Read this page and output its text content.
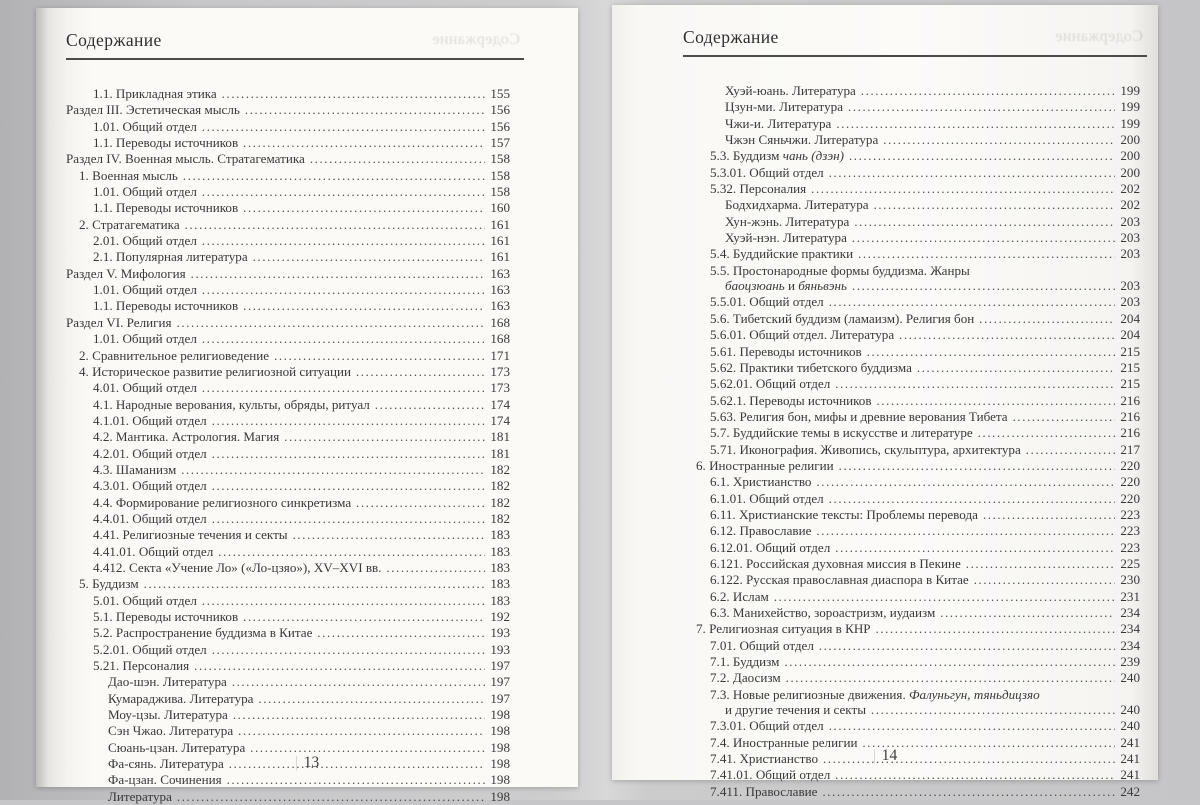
Содержание	Содержание
1.1. Прикладная этика .....	155
Раздел III. Эстетическая мысль .....	156
1.01. Общий отдел .....	156
1.1. Переводы источников .....	157
Раздел IV. Военная мысль. Стратагематика .....	158
1. Военная мысль .....	158
1.01. Общий отдел .....	158
1.1. Переводы источников .....	160
2. Стратагематика .....	161
2.01. Общий отдел .....	161
2.1. Популярная литература .....	161
Раздел V. Мифология .....	163
1.01. Общий отдел .....	163
1.1. Переводы источников .....	163
Раздел VI. Религия .....	168
1.01. Общий отдел .....	168
2. Сравнительное религиоведение .....	171
4. Историческое развитие религиозной ситуации .....	173
4.01. Общий отдел .....	173
4.1. Народные верования, культы, обряды, ритуал .....	174
4.1.01. Общий отдел .....	174
4.2. Мантика. Астрология. Магия .....	181
4.2.01. Общий отдел .....	181
4.3. Шаманизм .....	182
4.3.01. Общий отдел .....	182
4.4. Формирование религиозного синкретизма .....	182
4.4.01. Общий отдел .....	182
4.41. Религиозные течения и секты .....	183
4.41.01. Общий отдел .....	183
4.412. Секта «Учение Ло» («Ло-цзяо»), XV–XVI вв. .....	183
5. Буддизм .....	183
5.01. Общий отдел .....	183
5.1. Переводы источников .....	192
5.2. Распространение буддизма в Китае .....	193
5.2.01. Общий отдел .....	193
5.21. Персоналия .....	197
Дао-шэн. Литература .....	197
Кумараджива. Литература .....	197
Моу-цзы. Литература .....	198
Сэн Чжао. Литература .....	198
Сюань-цзан. Литература .....	198
Фа-сянь. Литература .....	198
Фа-цзан. Сочинения .....	198
Литература .....	198
| 13
Содержание	Содержание
Хуэй-юань. Литература .....	199
Цзун-ми. Литература .....	199
Чжи-и. Литература .....	199
Чжэн Сяньчжи. Литература .....	200
5.3. Буддизм чань (дзэн) .....	200
5.3.01. Общий отдел .....	200
5.32. Персоналия .....	202
Бодхидхарма. Литература .....	202
Хун-жэнь. Литература .....	203
Хуэй-нэн. Литература .....	203
5.4. Буддийские практики .....	203
5.5. Простонародные формы буддизма. Жанры
баоцзюань и бяньвэнь .....	203
5.5.01. Общий отдел .....	203
5.6. Тибетский буддизм (ламаизм). Религия бон .....	204
5.6.01. Общий отдел. Литература .....	204
5.61. Переводы источников .....	215
5.62. Практики тибетского буддизма .....	215
5.62.01. Общий отдел .....	215
5.62.1. Переводы источников .....	216
5.63. Религия бон, мифы и древние верования Тибета .....	216
5.7. Буддийские темы в искусстве и литературе .....	216
5.71. Иконография. Живопись, скульптура, архитектура .....	217
6. Иностранные религии .....	220
6.1. Христианство .....	220
6.1.01. Общий отдел .....	220
6.11. Христианские тексты: Проблемы перевода .....	223
6.12. Православие .....	223
6.12.01. Общий отдел .....	223
6.121. Российская духовная миссия в Пекине .....	225
6.122. Русская православная диаспора в Китае .....	230
6.2. Ислам .....	231
6.3. Манихейство, зороастризм, иудаизм .....	234
7. Религиозная ситуация в КНР .....	234
7.01. Общий отдел .....	234
7.1. Буддизм .....	239
7.2. Даосизм .....	240
7.3. Новые религиозные движения. Фалуньгун, тяньдицзяо
и другие течения и секты .....	240
7.3.01. Общий отдел .....	240
7.4. Иностранные религии .....	241
7.41. Христианство .....	241
7.41.01. Общий отдел .....	241
7.411. Православие .....	242
| 14
